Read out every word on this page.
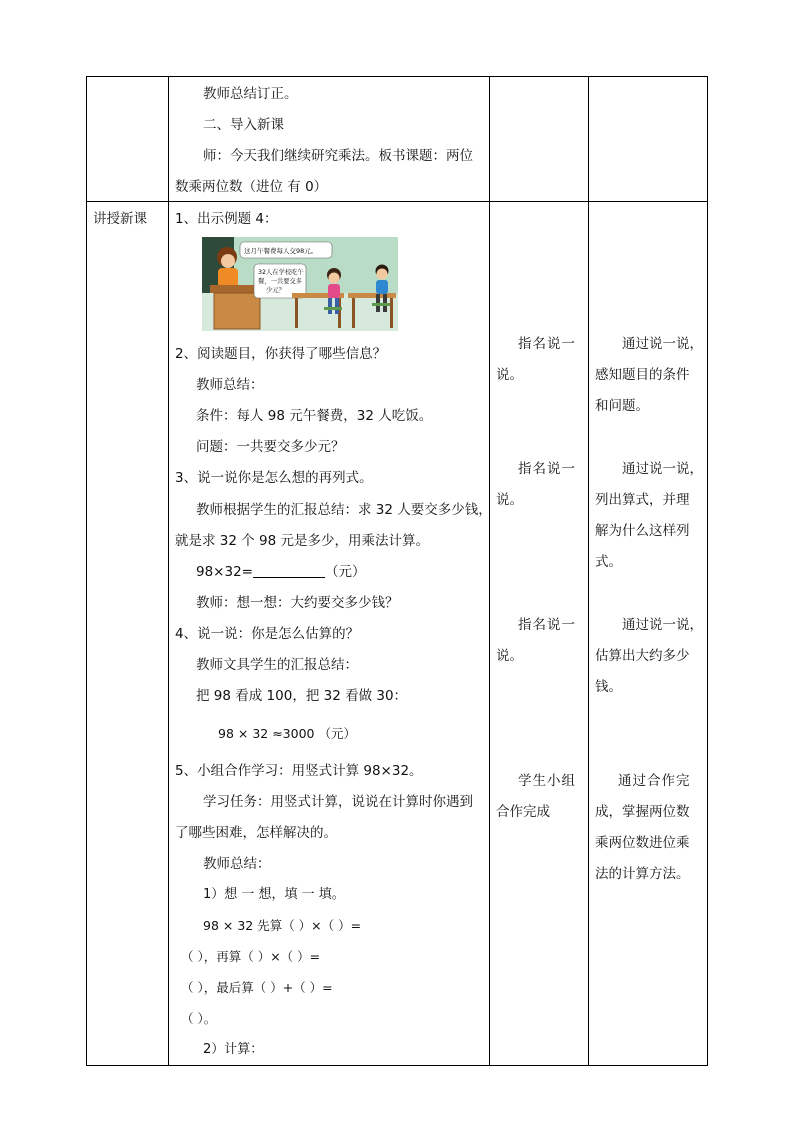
教师总结订正。
二、导入新课
师：今天我们继续研究乘法。板书课题：两位
数乘两位数（进位 有 0）
讲授新课 1、出示例题 4：
这月午餐费每人交98元。
32人在学校吃午
餐，一共要交多
少元？
2、阅读题目，你获得了哪些信息？
教师总结：
条件：每人 98 元午餐费，32 人吃饭。
问题：一共要交多少元？
3、说一说你是怎么想的再列式。
教师根据学生的汇报总结：求 32 人要交多少钱，
就是求 32 个 98 元是多少，用乘法计算。
98×32=	（元）
教师：想一想：大约要交多少钱？
4、说一说：你是怎么估算的？
教师文具学生的汇报总结：
把 98 看成 100，把 32 看做 30：
98 × 32 ≈3000 （元）
5、小组合作学习：用竖式计算 98×32。
学习任务：用竖式计算，说说在计算时你遇到
了哪些困难，怎样解决的。
教师总结：
1）想 一 想，填 一 填。
98 × 32 先算（ ）×（ ）=
（ ），再算（ ）×（ ）=
（ ），最后算（ ）+（ ）=
（ ）。
2）计算：
指名说一
说。
指名说一
说。
指名说一
说。
学生小组
合作完成
通过说一说，
感知题目的条件
和问题。
通过说一说，
列出算式，并理
解为什么这样列
式。
通过说一说，
估算出大约多少
钱。
通过合作完
成，掌握两位数
乘两位数进位乘
法的计算方法。
